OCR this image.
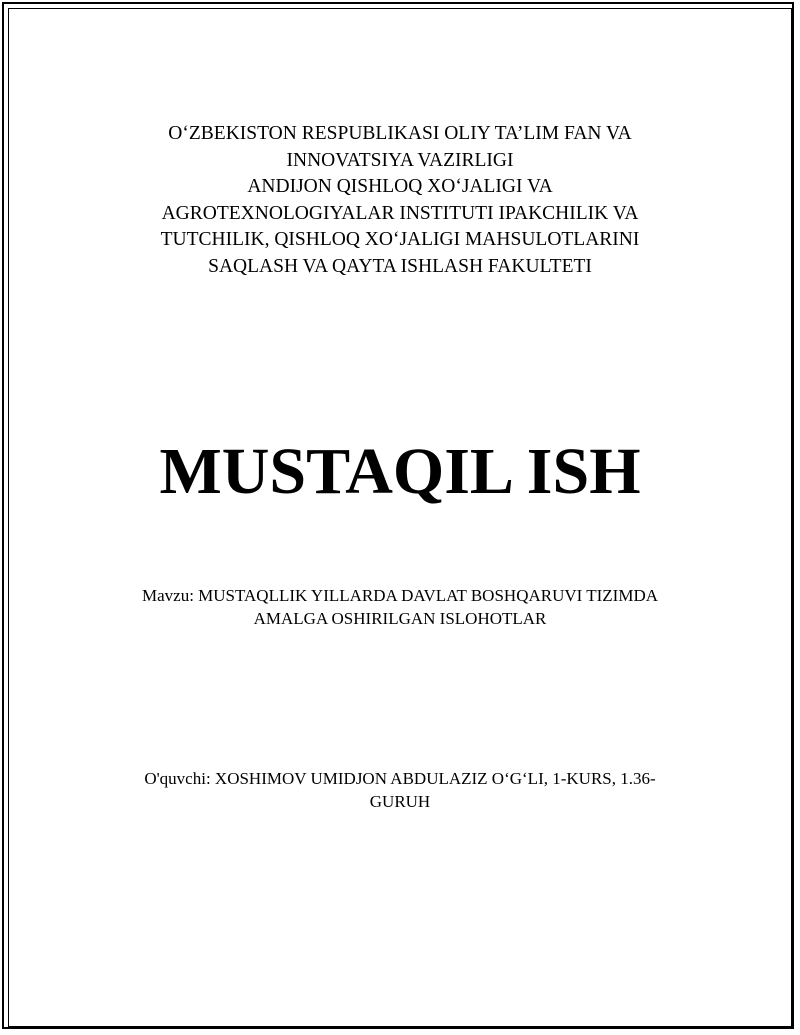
O‘ZBEKISTON RESPUBLIKASI OLIY TA’LIM FAN VA
INNOVATSIYA VAZIRLIGI
ANDIJON QISHLOQ XO‘JALIGI VA
AGROTEXNOLOGIYALAR INSTITUTI IPAKCHILIK VA
TUTCHILIK, QISHLOQ XO‘JALIGI MAHSULOTLARINI
SAQLASH VA QAYTA ISHLASH FAKULTETI
MUSTAQIL ISH
Mavzu: MUSTAQLLIK YILLARDA DAVLAT BOSHQARUVI TIZIMDA
AMALGA OSHIRILGAN ISLOHOTLAR
O'quvchi: XOSHIMOV UMIDJON ABDULAZIZ O‘G‘LI, 1-KURS, 1.36-
GURUH
